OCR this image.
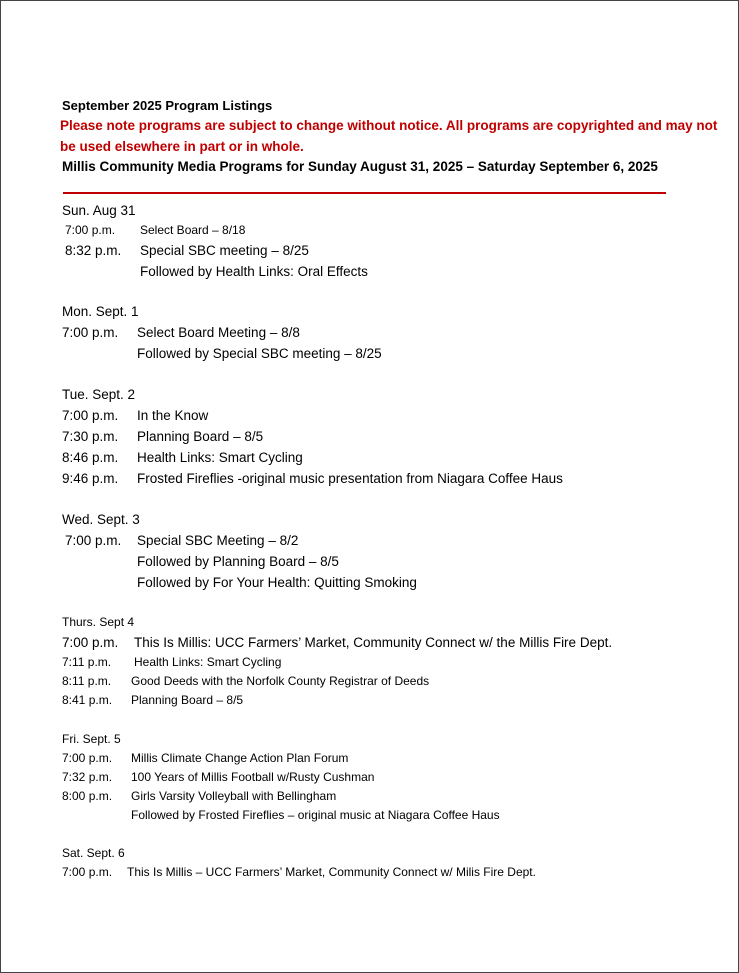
September 2025 Program Listings
Please note programs are subject to change without notice. All programs are copyrighted and may not be used elsewhere in part or in whole.
Millis Community Media Programs for Sunday August 31, 2025 – Saturday September 6, 2025
Sun. Aug 31
7:00 p.m.	Select Board – 8/18
8:32 p.m.	Special SBC meeting – 8/25
Followed by Health Links: Oral Effects
Mon. Sept. 1
7:00 p.m.	Select Board Meeting – 8/8
Followed by Special SBC meeting – 8/25
Tue. Sept. 2
7:00 p.m.	In the Know
7:30 p.m.	Planning Board – 8/5
8:46 p.m.	Health Links: Smart Cycling
9:46 p.m.	Frosted Fireflies -original music presentation from Niagara Coffee Haus
Wed. Sept. 3
7:00 p.m.	Special SBC Meeting – 8/2
Followed by Planning Board – 8/5
Followed by For Your Health: Quitting Smoking
Thurs. Sept 4
7:00 p.m.	This Is Millis: UCC Farmers’ Market, Community Connect w/ the Millis Fire Dept.
7:11 p.m.	Health Links: Smart Cycling
8:11 p.m.	Good Deeds with the Norfolk County Registrar of Deeds
8:41 p.m.	Planning Board – 8/5
Fri. Sept. 5
7:00 p.m.	Millis Climate Change Action Plan Forum
7:32 p.m.	100 Years of Millis Football w/Rusty Cushman
8:00 p.m.	Girls Varsity Volleyball with Bellingham
Followed by Frosted Fireflies – original music at Niagara Coffee Haus
Sat. Sept. 6
7:00 p.m.	This Is Millis – UCC Farmers’ Market, Community Connect w/ Milis Fire Dept.
